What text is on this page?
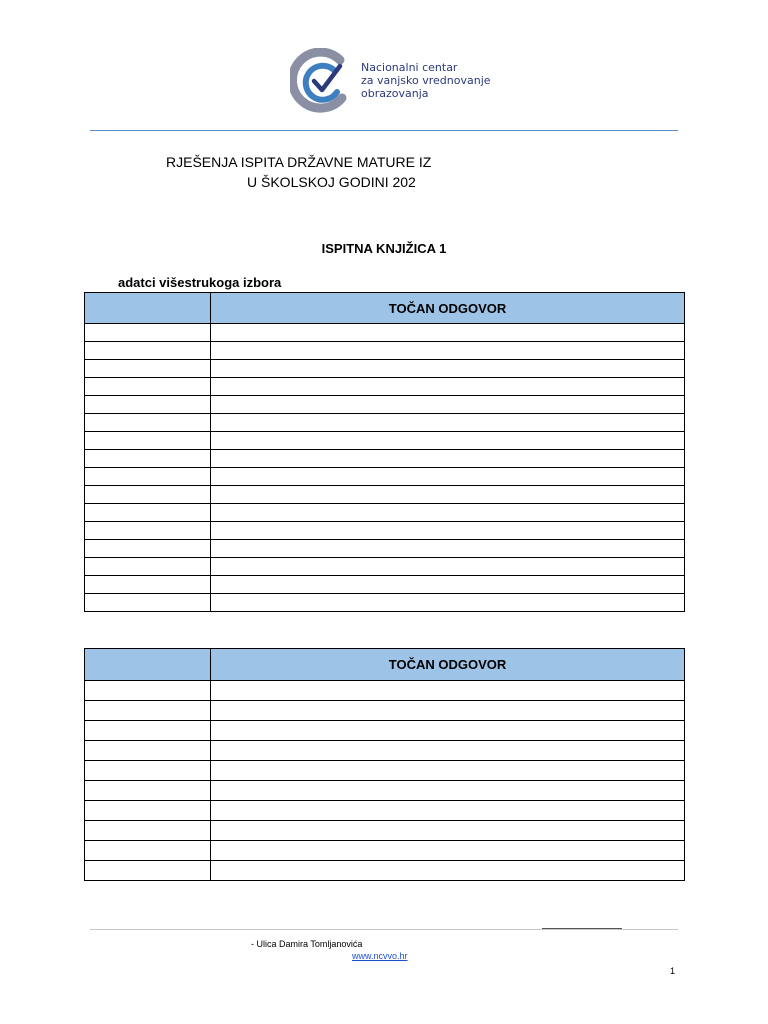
Nacionalni centar
za vanjsko vrednovanje
obrazovanja
RJEŠENJA ISPITA DRŽAVNE MATURE IZ
U ŠKOLSKOJ GODINI 202
ISPITNA KNJIŽICA 1
adatci višestrukoga izbora
	TOČAN ODGOVOR

	TOČAN ODGOVOR

- Ulica Damira Tomljanovića
www.ncvvo.hr
1
